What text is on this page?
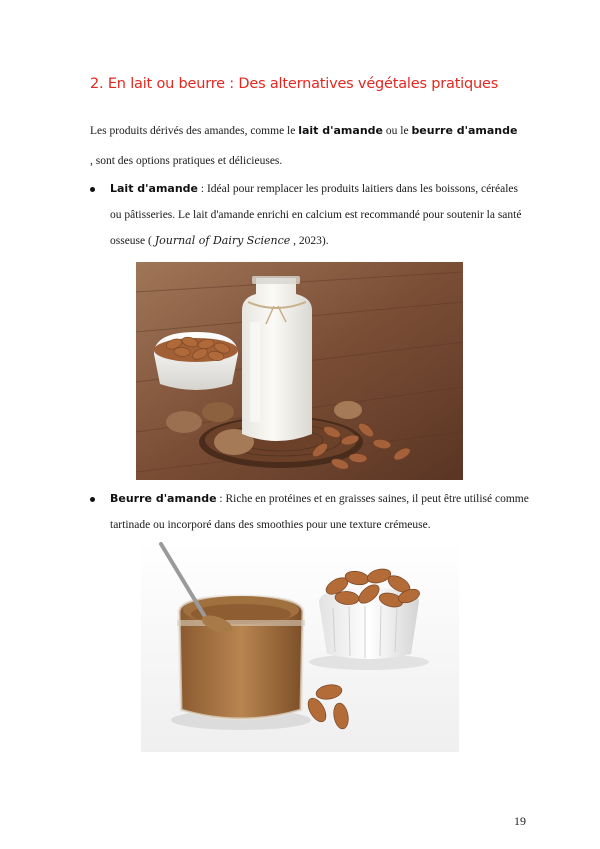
2. En lait ou beurre : Des alternatives végétales pratiques

Les produits dérivés des amandes, comme le lait d'amande ou le beurre d'amande , sont des options pratiques et délicieuses.

Lait d'amande : Idéal pour remplacer les produits laitiers dans les boissons, céréales ou pâtisseries. Le lait d'amande enrichi en calcium est recommandé pour soutenir la santé osseuse ( Journal of Dairy Science , 2023).
Beurre d'amande : Riche en protéines et en graisses saines, il peut être utilisé comme tartinade ou incorporé dans des smoothies pour une texture crémeuse.
19
